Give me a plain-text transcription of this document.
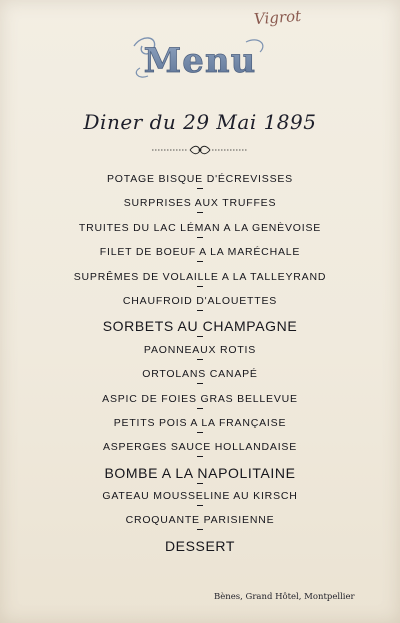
Vigrot
Menu
Diner du 29 Mai 1895
POTAGE BISQUE D'ÉCREVISSES
SURPRISES AUX TRUFFES
TRUITES DU LAC LÉMAN A LA GENÈVOISE
FILET DE BOEUF A LA MARÉCHALE
SUPRÊMES DE VOLAILLE A LA TALLEYRAND
CHAUFROID D'ALOUETTES
SORBETS AU CHAMPAGNE
PAONNEAUX ROTIS
ORTOLANS CANAPÉ
ASPIC DE FOIES GRAS BELLEVUE
PETITS POIS A LA FRANÇAISE
ASPERGES SAUCE HOLLANDAISE
BOMBE A LA NAPOLITAINE
GATEAU MOUSSELINE AU KIRSCH
CROQUANTE PARISIENNE
DESSERT
Bènes, Grand Hôtel, Montpellier
